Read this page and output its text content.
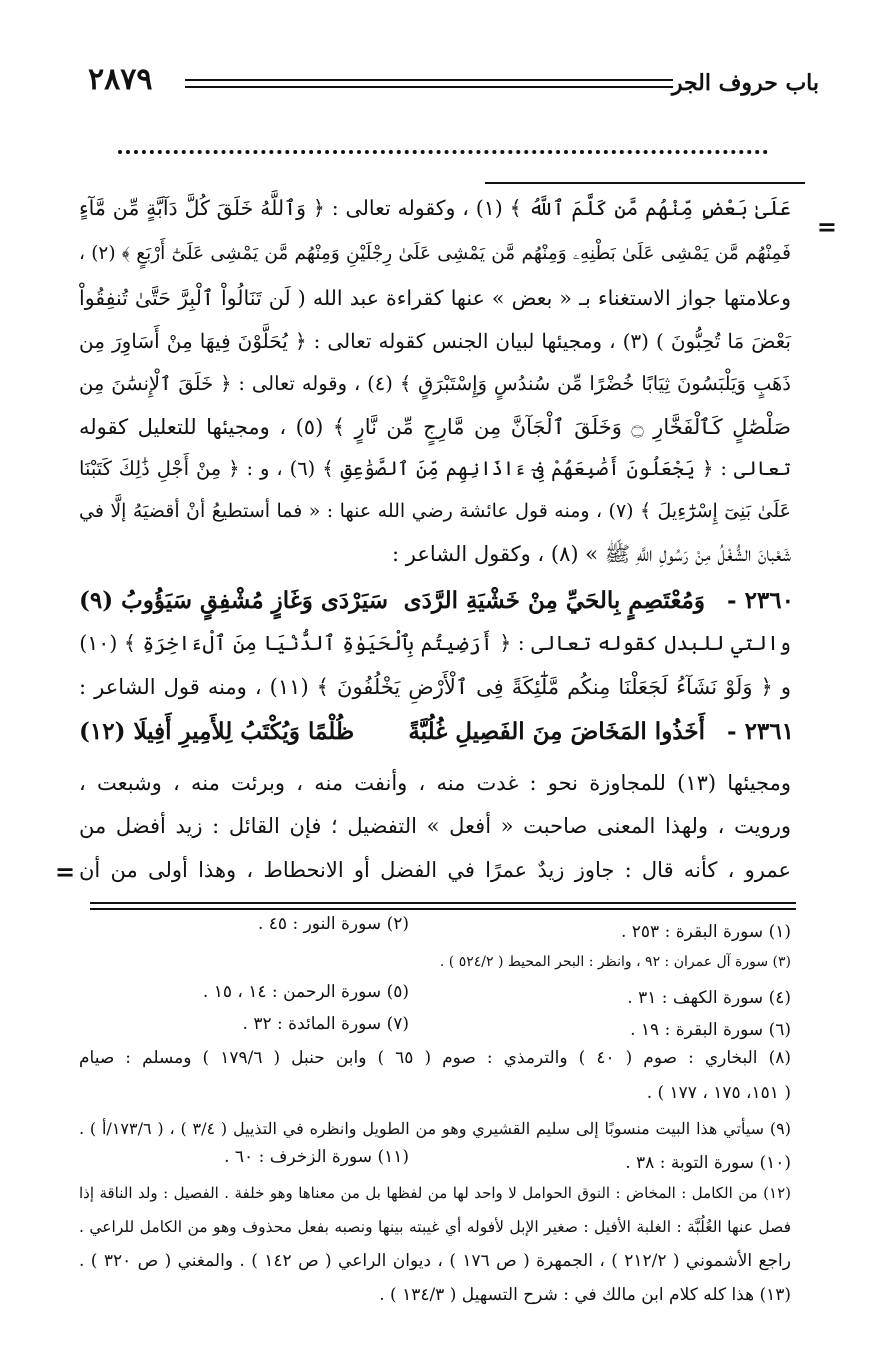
باب حروف الجر
٢٨٧٩
=
عَلَىٰ بَعْضٍ مِّنْهُم مَّن كَلَّمَ ٱللَّهُ ﴾ (١) ، وكقوله تعالى : ﴿ وَٱللَّهُ خَلَقَ كُلَّ دَآبَّةٍ مِّن مَّآءٍ
فَمِنْهُم مَّن يَمْشِى عَلَىٰ بَطْنِهِۦ وَمِنْهُم مَّن يَمْشِى عَلَىٰ رِجْلَيْنِ وَمِنْهُم مَّن يَمْشِى عَلَىٰٓ أَرْبَعٍ ﴾ (٢) ،
وعلامتها جواز الاستغناء بـ « بعض » عنها كقراءة عبد الله ( لَن تَنَالُواْ ٱلْبِرَّ حَتَّىٰ تُنفِقُواْ
بَعْضَ مَا تُحِبُّونَ ) (٣) ، ومجيئها لبيان الجنس كقوله تعالى : ﴿ يُحَلَّوْنَ فِيهَا مِنْ أَسَاوِرَ مِن
ذَهَبٍ وَيَلْبَسُونَ ثِيَابًا خُضْرًا مِّن سُندُسٍ وَإِسْتَبْرَقٍ ﴾ (٤) ، وقوله تعالى : ﴿ خَلَقَ ٱلْإِنسَٰنَ مِن
صَلْصَٰلٍ كَٱلْفَخَّارِ ۝ وَخَلَقَ ٱلْجَآنَّ مِن مَّارِجٍ مِّن نَّارٍ ﴾ (٥) ، ومجيئها للتعليل كقوله
تعالى : ﴿ يَجْعَلُونَ أَصَٰبِعَهُمْ فِىٓ ءَاذَانِهِم مِّنَ ٱلصَّوَٰعِقِ ﴾ (٦) ، و : ﴿ مِنْ أَجْلِ ذَٰلِكَ كَتَبْنَا
عَلَىٰ بَنِىٓ إِسْرَٰٓءِيلَ ﴾ (٧) ، ومنه قول عائشة رضي الله عنها : « فما أستطيعُ أنْ أقضيَهُ إلَّا في
شَعْبانَ الشُّغْلُ مِنْ رَسُولِ اللَّهِ ﷺ » (٨) ، وكقول الشاعر :
٢٣٦٠ - وَمُعْتَصِمٍ بِالحَيِّ مِنْ خَشْيَةِ الرَّدَى
سَيَرْدَى وَغَازٍ مُشْفِقٍ سَيَؤُوبُ (٩)
والتي للبدل كقوله تعالى : ﴿ أَرَضِيتُم بِٱلْحَيَوٰةِ ٱلدُّنْيَا مِنَ ٱلْءَاخِرَةِ ﴾ (١٠)
و ﴿ وَلَوْ نَشَآءُ لَجَعَلْنَا مِنكُم مَّلَٰٓئِكَةً فِى ٱلْأَرْضِ يَخْلُفُونَ ﴾ (١١) ، ومنه قول الشاعر :
٢٣٦١ - أَخَذُوا المَخَاضَ مِنَ الفَصِيلِ غُلُبَّةً
ظُلْمًا وَيُكْتَبُ لِلأَمِيرِ أَفِيلَا (١٢)
ومجيئها (١٣) للمجاوزة نحو : غدت منه ، وأنفت منه ، وبرئت منه ، وشبعت ،
ورويت ، ولهذا المعنى صاحبت « أفعل » التفضيل ؛ فإن القائل : زيد أفضل من
عمرو ، كأنه قال : جاوز زيدٌ عمرًا في الفضل أو الانحطاط ، وهذا أولى من أن
=
(١) سورة البقرة : ٢٥٣ .
(٢) سورة النور : ٤٥ .
(٣) سورة آل عمران : ٩٢ ، وانظر : البحر المحيط ( ٥٢٤/٢ ) .
(٤) سورة الكهف : ٣١ .
(٥) سورة الرحمن : ١٤ ، ١٥ .
(٦) سورة البقرة : ١٩ .
(٧) سورة المائدة : ٣٢ .
(٨) البخاري : صوم ( ٤٠ ) والترمذي : صوم ( ٦٥ ) وابن حنبل ( ١٧٩/٦ ) ومسلم : صيام
( ١٥١، ١٧٥ ، ١٧٧ ) .
(٩) سيأتي هذا البيت منسوبًا إلى سليم القشيري وهو من الطويل وانظره في التذييل ( ٣/٤ ) ، ( ١٧٣/٦/أ ) .
(١٠) سورة التوبة : ٣٨ .
(١١) سورة الزخرف : ٦٠ .
(١٢) من الكامل : المخاض : النوق الحوامل لا واحد لها من لفظها بل من معناها وهو خلفة . الفصيل : ولد الناقة إذا
فصل عنها الغُلُبَّة : الغلبة الأفيل : صغير الإبل لأفوله أي غيبته بينها ونصبه بفعل محذوف وهو من الكامل للراعي .
راجع الأشموني ( ٢١٢/٢ ) ، الجمهرة ( ص ١٧٦ ) ، ديوان الراعي ( ص ١٤٢ ) . والمغني ( ص ٣٢٠ ) .
(١٣) هذا كله كلام ابن مالك في : شرح التسهيل ( ١٣٤/٣ ) .
